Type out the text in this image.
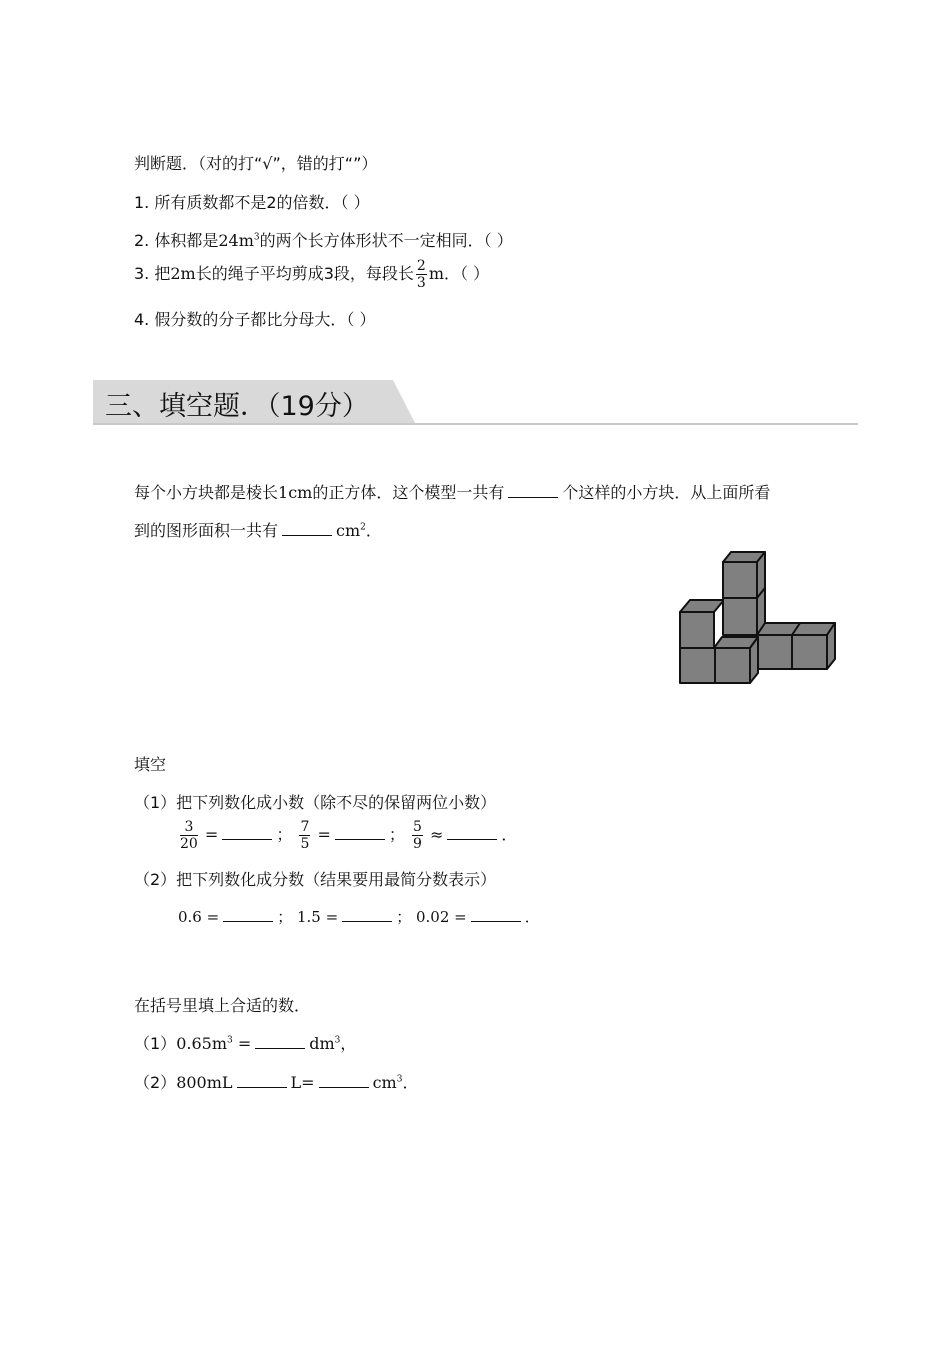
判断题．（对的打“√”，错的打“”）
1. 所有质数都不是2的倍数．（ ）
2. 体积都是$24m^3$的两个长方体形状不一定相同．（ ）
3. 把2m长的绳子平均剪成3段，每段长 $\frac{2}{3}$ m．（ ）
4. 假分数的分子都比分母大．（ ）
三、填空题．（19分）
每个小方块都是棱长1cm的正方体．这个模型一共有	个这样的小方块．从上面所看
到的图形面积一共有	$cm^2$．
填空
（1）把下列数化成小数（除不尽的保留两位小数）
$\frac{3}{20}$ =	； $\frac{7}{5}$ =	； $\frac{5}{9}$ ≈	．
（2）把下列数化成分数（结果要用最简分数表示）
0.6 =	； 1.5 =	； 0.02 =	．
在括号里填上合适的数．
$(1)0.65m^3$ =	$dm^3$，
（2）800mL	L=	$cm^3$．
